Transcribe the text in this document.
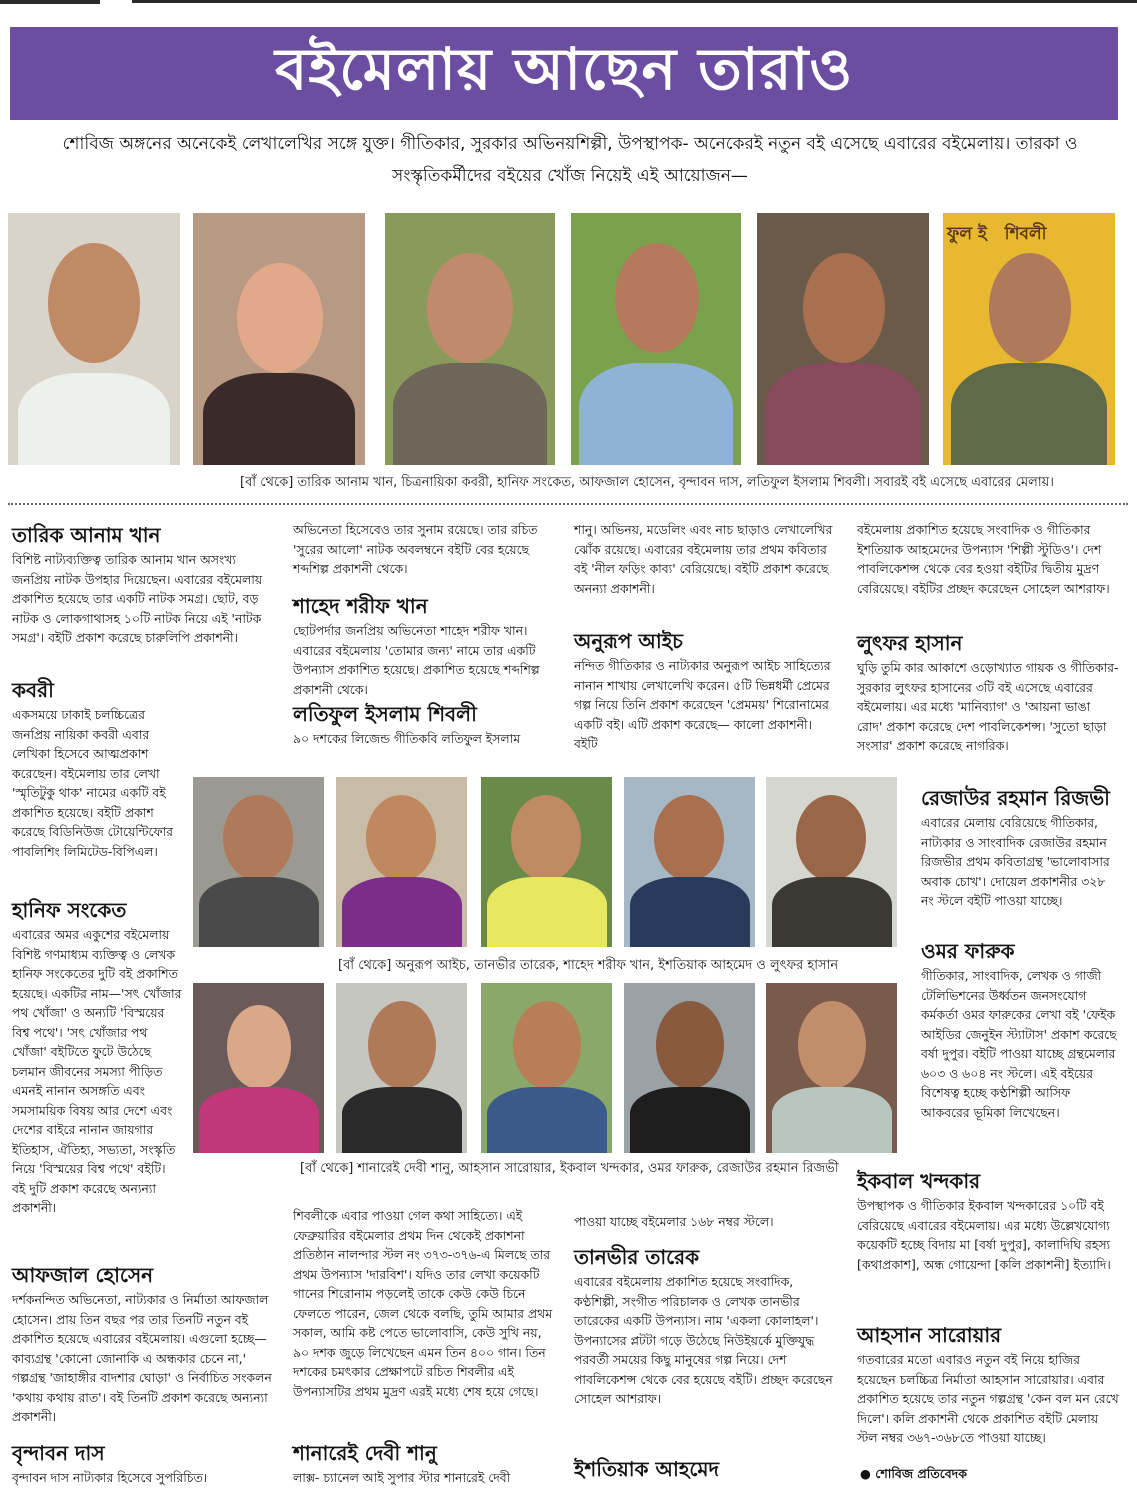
বইমেলায় আছেন তারাও
শোবিজ অঙ্গনের অনেকেই লেখালেখির সঙ্গে যুক্ত। গীতিকার, সুরকার অভিনয়শিল্পী, উপস্থাপক- অনেকেরই নতুন বই এসেছে এবারের বইমেলায়। তারকা ও সংস্কৃতিকর্মীদের বইয়ের খোঁজ নিয়েই এই আয়োজন—
ফুল ই   শিবলী
[বাঁ থেকে] তারিক আনাম খান, চিত্রনায়িকা কবরী, হানিফ সংকেত, আফজাল হোসেন, বৃন্দাবন দাস, লতিফুল ইসলাম শিবলী। সবারই বই এসেছে এবারের মেলায়।
তারিক আনাম খান

বিশিষ্ট নাট্যব্যক্তিত্ব তারিক আনাম খান অসংখ্য জনপ্রিয় নাটক উপহার দিয়েছেন। এবারের বইমেলায় প্রকাশিত হয়েছে তার একটি নাটক সমগ্র। ছোট, বড় নাটক ও লোকগাথাসহ ১০টি নাটক নিয়ে এই 'নাটক সমগ্র'। বইটি প্রকাশ করেছে চারুলিপি প্রকাশনী।

কবরী

একসময়ে ঢাকাই চলচ্চিত্রের জনপ্রিয় নায়িকা কবরী এবার লেখিকা হিসেবে আত্মপ্রকাশ করেছেন। বইমেলায় তার লেখা 'স্মৃতিটুকু থাক' নামের একটি বই প্রকাশিত হয়েছে। বইটি প্রকাশ করেছে বিডিনিউজ টোয়েন্টিফোর পাবলিশিং লিমিটেড-বিপিএল।

হানিফ সংকেত

এবারের অমর একুশের বইমেলায় বিশিষ্ট গণমাধ্যম ব্যক্তিত্ব ও লেখক হানিফ সংকেতের দুটি বই প্রকাশিত হয়েছে। একটির নাম—'সৎ খোঁজার পথ খোঁজা' ও অন্যটি 'বিস্ময়ের বিশ্ব পথে'। 'সৎ খোঁজার পথ খোঁজা' বইটিতে ফুটে উঠেছে চলমান জীবনের সমস্যা পীড়িত এমনই নানান অসঙ্গতি এবং সমসাময়িক বিষয় আর দেশে এবং দেশের বাইরে নানান জায়গার ইতিহাস, ঐতিহ্য, সভ্যতা, সংস্কৃতি নিয়ে 'বিস্ময়ের বিশ্ব পথে' বইটি। বই দুটি প্রকাশ করেছে অন্যন্যা প্রকাশনী।

আফজাল হোসেন

দর্শকনন্দিত অভিনেতা, নাট্যকার ও নির্মাতা আফজাল হোসেন। প্রায় তিন বছর পর তার তিনটি নতুন বই প্রকাশিত হয়েছে এবারের বইমেলায়। এগুলো হচ্ছে— কাব্যগ্রন্থ 'কোনো জোনাকি এ অন্ধকার চেনে না,' গল্পগ্রন্থ 'জাহাঙ্গীর বাদশার ঘোড়া' ও নির্বাচিত সংকলন 'কথায় কথায় রাত'। বই তিনটি প্রকাশ করেছে অন্যন্যা প্রকাশনী।

বৃন্দাবন দাস

বৃন্দাবন দাস নাট্যকার হিসেবে সুপরিচিত।

অভিনেতা হিসেবেও তার সুনাম রয়েছে। তার রচিত 'সুরের আলো' নাটক অবলম্বনে বইটি বের হয়েছে শব্দশিল্প প্রকাশনী থেকে।

শাহেদ শরীফ খান

ছোটপর্দার জনপ্রিয় অভিনেতা শাহেদ শরীফ খান। এবারের বইমেলায় 'তোমার জন্য' নামে তার একটি উপন্যাস প্রকাশিত হয়েছে। প্রকাশিত হয়েছে শব্দশিল্প প্রকাশনী থেকে।

লতিফুল ইসলাম শিবলী

৯০ দশকের লিজেন্ড গীতিকবি লতিফুল ইসলাম

শিবলীকে এবার পাওয়া গেল কথা সাহিত্যে। এই ফেব্রুয়ারির বইমেলার প্রথম দিন থেকেই প্রকাশনা প্রতিষ্ঠান নালন্দার স্টল নং ৩৭৩-৩৭৬-এ মিলছে তার প্রথম উপন্যাস 'দারবিশ'। যদিও তার লেখা কয়েকটি গানের শিরোনাম পড়লেই তাকে কেউ কেউ চিনে ফেলতে পারেন, জেল থেকে বলছি, তুমি আমার প্রথম সকাল, আমি কষ্ট পেতে ভালোবাসি, কেউ সুখি নয়, ৯০ দশক জুড়ে লিখেছেন এমন তিন ৪০০ গান। তিন দশকের চমৎকার প্রেক্ষাপটে রচিত শিবলীর এই উপন্যাসটির প্রথম মুদ্রণ এরই মধ্যে শেষ হয়ে গেছে।

শানারেই দেবী শানু

লাক্স- চ্যানেল আই সুপার স্টার শানারেই দেবী

শানু। অভিনয়, মডেলিং এবং নাচ ছাড়াও লেখালেখির ঝোঁক রয়েছে। এবারের বইমেলায় তার প্রথম কবিতার বই 'নীল ফড়িং কাব্য' বেরিয়েছে। বইটি প্রকাশ করেছে অনন্যা প্রকাশনী।

অনুরূপ আইচ

নন্দিত গীতিকার ও নাট্যকার অনুরূপ আইচ সাহিত্যের নানান শাখায় লেখালেখি করেন। ৫টি ভিন্নধর্মী প্রেমের গল্প নিয়ে তিনি প্রকাশ করেছেন 'প্রেমময়' শিরোনামের একটি বই। এটি প্রকাশ করেছে— কালো প্রকাশনী। বইটি

পাওয়া যাচ্ছে বইমেলার ১৬৮ নম্বর স্টলে।

তানভীর তারেক

এবারের বইমেলায় প্রকাশিত হয়েছে সংবাদিক, কণ্ঠশিল্পী, সংগীত পরিচালক ও লেখক তানভীর তারেকের একটি উপন্যাস। নাম 'একলা কোলাহল'। উপন্যাসের প্লটটা গড়ে উঠেছে নিউইয়র্কে মুক্তিযুদ্ধ পরবর্তী সময়ের কিছু মানুষের গল্প নিয়ে। দেশ পাবলিকেশন্স থেকে বের হয়েছে বইটি। প্রচ্ছদ করেছেন সোহেল আশরাফ।

ইশতিয়াক আহমেদ

বইমেলায় প্রকাশিত হয়েছে সংবাদিক ও গীতিকার ইশতিয়াক আহমেদের উপন্যাস 'শিল্পী স্টুডিও'। দেশ পাবলিকেশন্স থেকে বের হওয়া বইটির দ্বিতীয় মুদ্রণ বেরিয়েছে। বইটির প্রচ্ছদ করেছেন সোহেল আশরাফ।

লুৎফর হাসান

ঘুড়ি তুমি কার আকাশে ওড়োখ্যাত গায়ক ও গীতিকার-সুরকার লুৎফর হাসানের ৩টি বই এসেছে এবারের বইমেলায়। এর মধ্যে 'মানিব্যাগ' ও 'আয়না ভাঙা রোদ' প্রকাশ করেছে দেশ পাবলিকেশন্স। 'সুতো ছাড়া সংসার' প্রকাশ করেছে নাগরিক।

রেজাউর রহমান রিজভী

এবারের মেলায় বেরিয়েছে গীতিকার, নাট্যকার ও সাংবাদিক রেজাউর রহমান রিজভীর প্রথম কবিতাগ্রন্থ 'ভালোবাসার অবাক চোখ'। দোয়েল প্রকাশনীর ৩২৮ নং স্টলে বইটি পাওয়া যাচ্ছে।

ওমর ফারুক

গীতিকার, সাংবাদিক, লেখক ও গাজী টেলিভিশনের উর্ধ্বতন জনসংযোগ কর্মকর্তা ওমর ফারুকের লেখা বই 'ফেইক আইডির জেনুইন স্ট্যাটাস' প্রকাশ করেছে বর্ষা দুপুর। বইটি পাওয়া যাচ্ছে গ্রন্থমেলার ৬০৩ ও ৬০৪ নং স্টলে। এই বইয়ের বিশেষত্ব হচ্ছে কণ্ঠশিল্পী আসিফ আকবরের ভূমিকা লিখেছেন।

ইকবাল খন্দকার

উপস্থাপক ও গীতিকার ইকবাল খন্দকারের ১০টি বই বেরিয়েছে এবারের বইমেলায়। এর মধ্যে উল্লেখযোগ্য কয়েকটি হচ্ছে বিদায় মা [বর্ষা দুপুর], কালাদিঘি রহস্য [কথাপ্রকাশ], অন্ধ গোয়েন্দা [কলি প্রকাশনী] ইত্যাদি।

আহসান সারোয়ার

গতবারের মতো এবারও নতুন বই নিয়ে হাজির হয়েছেন চলচ্চিত্র নির্মাতা আহসান সারোয়ার। এবার প্রকাশিত হয়েছে তার নতুন গল্পগ্রন্থ 'কেন বল মন রেখে দিলে'। কলি প্রকাশনী থেকে প্রকাশিত বইটি মেলায় স্টল নম্বর ৩৬৭-৩৬৮তে পাওয়া যাচ্ছে।

● শোবিজ প্রতিবেদক
[বাঁ থেকে] অনুরূপ আইচ, তানভীর তারেক, শাহেদ শরীফ খান, ইশতিয়াক আহমেদ ও লুৎফর হাসান
[বাঁ থেকে] শানারেই দেবী শানু, আহসান সারোয়ার, ইকবাল খন্দকার, ওমর ফারুক, রেজাউর রহমান রিজভী
